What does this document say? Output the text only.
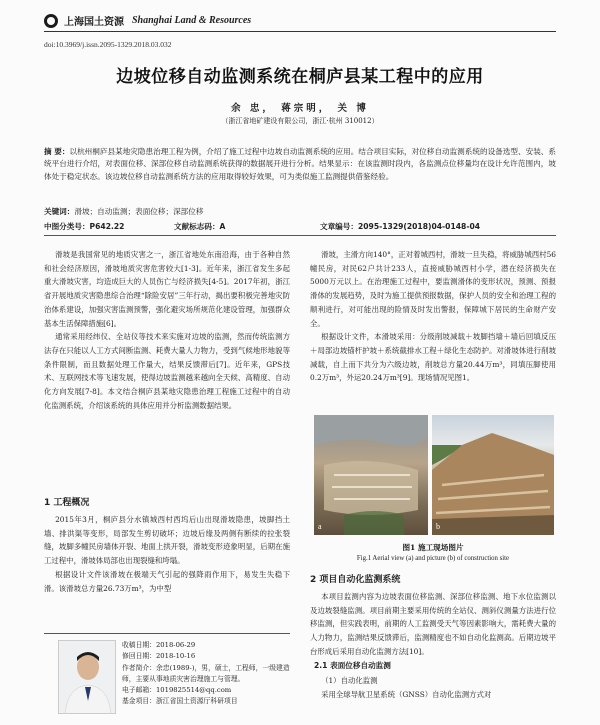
上海国土资源 Shanghai Land & Resources
doi:10.3969/j.issn.2095-1329.2018.03.032
边坡位移自动监测系统在桐庐县某工程中的应用
余 忠， 蒋宗明， 关 博
（浙江省地矿建设有限公司，浙江·杭州 310012）
摘 要：以杭州桐庐县某地灾隐患治理工程为例，介绍了施工过程中边坡自动监测系统的应用。结合项目实际，对位移自动监测系统的设备选型、安装、系统平台进行介绍，对表面位移、深部位移自动监测系统获得的数据展开进行分析。结果显示：在该监测时段内，各监测点位移量均在设计允许范围内，坡体处于稳定状态。该边坡位移自动监测系统方法的应用取得较好效果，可为类似施工监测提供借鉴经验。
关键词：滑坡；自动监测；表面位移；深部位移
中图分类号：P642.22	文献标志码：A	文章编号：2095-1329(2018)04-0148-04

滑坡是我国常见的地质灾害之一，浙江省地处东南沿海，由于各种自然和社会经济原因，滑坡地质灾害危害较大[1-3]。近年来，浙江省发生多起重大滑坡灾害，均造成巨大的人员伤亡与经济损失[4-5]。2017年初，浙江省开展地质灾害隐患综合治理“除险安居”三年行动，揭出要积极完善地灾防治体系建设，加强灾害监测预警，强化避灾场所规范化建设管理，加强群众基本生活保障措施[6]。

通常采用经纬仪、全站仪等技术来实施对边坡的监测，然而传统监测方法存在只能以人工方式间断监测、耗费大量人力物力，受到气候地形地貌等条件限制，而且数据处理工作量大，结果反馈滞后[7]。近年来，GPS技术、互联网技术等飞速发展，使得边坡监测越来越向全天候、高精度、自动化方向发展[7-8]。本文结合桐庐县某地灾隐患治理工程施工过程中的自动化监测系统，介绍该系统的具体应用并分析监测数据结果。

1 工程概况

2015年3月，桐庐县分水镇城西村西坞后山出现滑坡隐患，坡脚挡土墙、排洪渠等变形，局部发生剪切破坏；边坡后缘及两侧有断续的拉张裂缝，坡脚多幢民房墙体开裂、地面上拱开裂，滑坡变形迹象明显，后期在施工过程中，滑坡体局部也出现裂缝和垮塌。

根据设计文件该滑坡在极端天气引起的强降雨作用下，易发生失稳下滑。该滑坡总方量26.73万m³，为中型

滑坡，主滑方向140°，正对着城西村，滑坡一旦失稳，将威胁城西村56幢民房，对民62户共计233人，直接威胁城西村小学，潜在经济损失在5000万元以上。在治理施工过程中，要监测滑体的变形状况，预测、预报滑体的发展趋势，及时为施工提供预报数据，保护人员的安全和治理工程的顺利进行，对可能出现的险情及时发出警报，保障城下居民的生命财产安全。

根据设计文件，本滑坡采用：分级削坡减载＋坡脚挡墙＋墙后回填反压＋局部边坡锚杆护坡＋系统截排水工程＋绿化生态防护。对滑坡体进行削坡减载，自上而下共分为六级边坡，削坡总方量20.44万m³，同填压脚使用0.2万m³，外运20.24万m³[9]。现场情况见图1。

a	b
图1 施工现场图片
Fig.1 Aerial view (a) and picture (b) of construction site
2 项目自动化监测系统

本项目监测内容为边坡表面位移监测、深部位移监测、地下水位监测以及边坡裂缝监测。项目前期主要采用传统的全站仪、测斜仪测量方法进行位移监测，但实践表明，前期的人工监测受天气等因素影响大，需耗费大量的人力物力，监测结果反馈滞后，监测精度也不如自动化监测高。后期边坡平台形成后采用自动化监测方法[10]。

2.1 表面位移自动监测

（1）自动化监测

采用全球导航卫星系统（GNSS）自动化监测方式对

收稿日期：2018-06-29
修回日期：2018-10-16
作者简介：余忠(1989-)，男，硕士，工程师，一级建造师，主要从事地质灾害治理施工与管理。
电子邮箱：1019825514@qq.com
基金项目：浙江省国土资源厅科研项目
